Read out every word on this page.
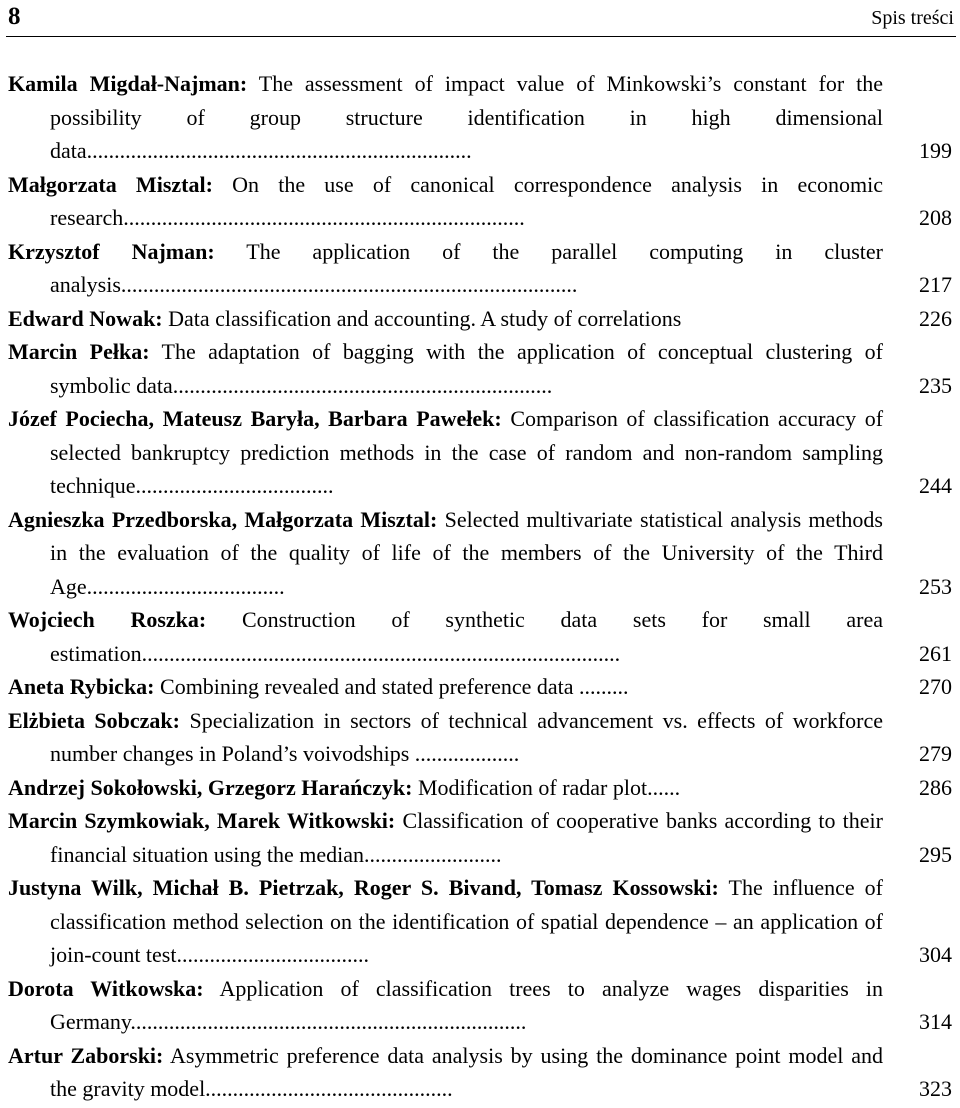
8	Spis treści
Kamila Migdał-Najman: The assessment of impact value of Minkowski’s constant for the possibility of group structure identification in high dimensional data......................................................................	199
Małgorzata Misztal: On the use of canonical correspondence analysis in economic research.........................................................................	208
Krzysztof Najman: The application of the parallel computing in cluster analysis...................................................................................	217
Edward Nowak: Data classification and accounting. A study of correlations	226
Marcin Pełka: The adaptation of bagging with the application of conceptual clustering of symbolic data.....................................................................	235
Józef Pociecha, Mateusz Baryła, Barbara Pawełek: Comparison of classification accuracy of selected bankruptcy prediction methods in the case of random and non-random sampling technique....................................	244
Agnieszka Przedborska, Małgorzata Misztal: Selected multivariate statistical analysis methods in the evaluation of the quality of life of the members of the University of the Third Age....................................	253
Wojciech Roszka: Construction of synthetic data sets for small area estimation.......................................................................................	261
Aneta Rybicka: Combining revealed and stated preference data .........	270
Elżbieta Sobczak: Specialization in sectors of technical advancement vs. effects of workforce number changes in Poland’s voivodships ...................	279
Andrzej Sokołowski, Grzegorz Harańczyk: Modification of radar plot......	286
Marcin Szymkowiak, Marek Witkowski: Classification of cooperative banks according to their financial situation using the median.........................	295
Justyna Wilk, Michał B. Pietrzak, Roger S. Bivand, Tomasz Kossowski: The influence of classification method selection on the identification of spatial dependence – an application of join-count test...................................	304
Dorota Witkowska: Application of classification trees to analyze wages disparities in Germany........................................................................	314
Artur Zaborski: Asymmetric preference data analysis by using the dominance point model and the gravity model.............................................	323
